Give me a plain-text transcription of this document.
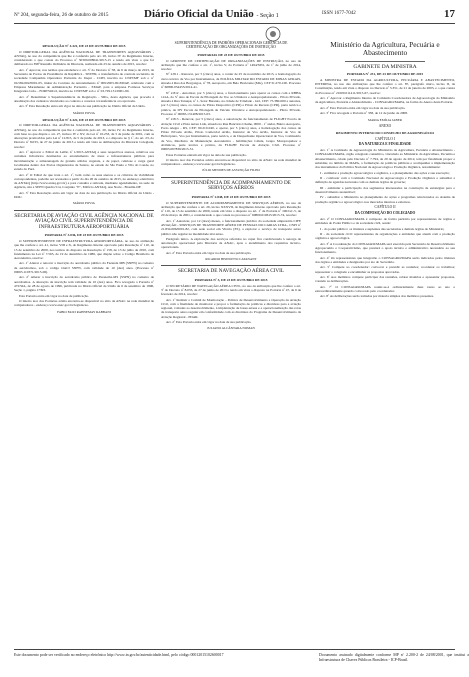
Nº 204, segunda-feira, 26 de outubro de 2015	Diário Oficial da União - Seção 1	ISSN 1677-7042	17

RESOLUÇÃO Nº 4.421, DE 23 DE OUTUBRO DE 2015

O DIRETOR-GERAL DA AGÊNCIA NACIONAL DE TRANSPORTES AQUAVIÁRIOS - ANTAQ, no uso da competência que lhe é conferida pelo art. 20, inciso IV do Regimento Interno, considerando o que consta do Processo nº 50300.008041/2015-15 e tendo em vista o que foi deliberado na 396ª Reunião Ordinária da Diretoria, realizada em 23 de outubro de 2015, resolve:

Art. 1º Aprovar, nos termos que estabelece o art. 3º do Decreto nº 58, de 6 de março de 2013, da Secretaria de Portos da Presidência da República - SEP/PR, a transferência de controle societário da sociedade Companhia Operadora Portuária do Itaqui - COPI, inscrita no CNPJ/MF sob o nº 04.584.002/0001-05, titular do Contrato de Arrendamento nº 009/2003-00-EMAP, celebrado com a Empresa Maranhense de Administração Portuária - EMAP, para a empresa Formosa Serviços Integrados Ltda. - FORTSOLO, inscrita no CNPJ/MF sob o nº 03.729.131/0001-90.

Art. 2º Determinar à Superintendência de Regulação - SRG, desta Agência, que proceda à atualização dos cadastros vinculados ao contrato e conexos à transferência ora aprovada.

Art. 3º Esta Resolução entra em vigor na data de sua publicação no Diário Oficial da União.

MÁRIO POVIA

RESOLUÇÃO Nº 4.422, DE 23 DE OUTUBRO DE 2015

O DIRETOR-GERAL DA AGÊNCIA NACIONAL DE TRANSPORTES AQUAVIÁRIOS - ANTAQ, no uso da competência que lhe é conferida pelo art. 20, inciso IV, do Regimento Interno, com base no que dispõe o art. 27, incisos IV e XV, da Lei nº 10.233, de 5 de junho de 2001, com as alterações promovidas pela Lei nº 12.815, de 5 de junho de 2013, e o disposto no § 1º, do art. 23, do Decreto nº 8.033, de 27 de junho de 2013 e tendo em vista as deliberações da Diretoria Colegiada, resolve:

Art. 1º Aprovar o Edital de Leilão nº 1/2015-ANTAQ e seus respectivos anexos, relativos aos certames licitatórios destinados ao arrendamento de áreas e infraestruturas públicas para movimentação e armazenagem de granéis sólidos vegetais, e de papel, celulose e carga geral localizadas dentro dos Portos Organizados de Santos, no estado de São Paulo e Vila do Conde, no estado do Pará.

Art. 2º O Edital de que trata o art. 1º, bem como os seus anexos e os critérios de viabilidade correspondentes, poderão ser acessados a partir do dia 26 de outubro de 2015, no endereço eletrônico da ANTAQ (http://www.antaq.gov.br) e para consulta e retirada, mediante agendamento, na sede da Agência, sita a SEPN Quadra 514, Conjunto "E", Edifício ANTAQ, Asa Norte - Brasília-DF.

Art. 3º Esta Resolução entra em vigor na data de sua publicação no Diário Oficial da União - DOU.

MÁRIO POVIA

SECRETARIA DE AVIAÇÃO CIVIL AGÊNCIA NACIONAL DE AVIAÇÃO CIVIL SUPERINTENDÊNCIA DE INFRAESTRUTURA AEROPORTUÁRIA

PORTARIA Nº 3.036, DE 23 DE OUTUBRO DE 2015

O SUPERINTENDENTE DE INFRAESTRUTURA AEROPORTUÁRIA, no uso da atribuição que lhe confere o art. 41, inciso VIII e X, do Regimento Interno aprovado pela Resolução nº 110, de 15 de setembro de 2009, nos termos do disposto na Resolução nº 158, de 13 de julho de 2010, com fundamento na Lei nº 7.565, de 19 de dezembro de 1986, que dispõe sobre o Código Brasileiro de Aeronáutica, resolve:

Art. 1º Alterar e renovar a inscrição do aeródromo público da Fazenda MB (SNFN) no cadastro de aeródromos, sob o código OACI SNFN, com validade de 10 (dez) anos. (Processo nº 00065.110371/2015-06).

Art. 2º Alterar a inscrição do aeródromo público de Paranaíba-MS (SSPN) no cadastro de aeródromos. A alteração da inscrição tem validade de 10 (dez) anos. Fica revogada a Portaria nº 472/SIA, de 28 de agosto de 1996, publicada no Diário Oficial da União de 6 de setembro de 1996, Seção 1, página 17393.

Esta Portaria entra em vigor na data de publicação.

O inteiro teor dos Portarias acima encontra-se disponível no sítio da ANAC na rede mundial de computadores - endereço www.anac.gov.br/legislacao.

FABIO FAIZI RAHNEMAY RABBANI

SUPERINTENDÊNCIA DE PADRÕES OPERACIONAIS GERÊNCIA DE CERTIFICAÇÃO DE ORGANIZAÇÕES DE INSTRUÇÃO

PORTARIAS DE 23 DE OUTUBRO DE 2015

O GERENTE DE CERTIFICAÇÃO DE ORGANIZAÇÕES DE INSTRUÇÃO, no uso da atribuição que lhe confere o art. 1º, inciso V, da Portaria nº 1494/SPO, de 1º de julho de 2014, resolve:

Nº 2.811 - Renovar, por 5 (cinco) anos, a contar de 25 de novembro de 2015, a homologação do curso teórico de Voo por Instrumentos, da POLÍCIA MILITAR DO ESTADO DE MINAS GERAIS, situada à Rua dos Borgongos, nº 78, Aeroporto, em Belo Horizonte (MG), CEP 31.270-100. Processo nº 60800.054455/2014-41.

Nº 2.812 - Autorizar, por 5 (cinco) anos, o funcionamento para operar os cursos com a RBHA 141A, do Sº Ano de Escola de Pilotagem de Voo ao Ultraleve e Autopropulsionado - Piloto Privado, situada à Rua Tatuapé, nº 1, Setor Batatais, na cidade de Trindade - GO, CEP: 75.380-000 e autoriza, por 5 (cinco) anos, os cursos de Piloto Desportivo (CPD) e Piloto de Recreio (CPR), parte teórica e prática, da DY Escola de Pilotagem de Veículo Ultraleve e Autopropulsionado - Piloto Privado. Processo nº 00065.131408/2015-03.

Nº 2.813 - Renovar, por 5 (cinco) anos, a autorização de funcionamento de FLIGHT Escola de Aviação Civil e Pista Aérea Ltda, situada na Rua Bancário Chame, 0000 - 1º andar, Bairro Aeroporto, Porto Alegre - RS, CEP: 90.210-040, e operar, por 5 (cinco) anos, a homologação dos cursos de Piloto Privado Avião, Piloto Comercial Avião, Instrutor de Voo Avião, Instrutor de Voo de Helicóptero, Voo por Instrumentos, parte teórica, e de Despachante Operacional de Voo, Comissário de Voo, Mecânico de Manutenção Aeronáutica - habilitações Célula, Grupo Motopropulsor e Aviônicos, parte teórica e prática, da FLIGHT Escola de Aviação Civil. Processo nº 00065.067839/2015-51.

Estas Portarias entram em vigor na data de sua publicação.

O inteiro teor das Portarias acima encontra-se disponível no sítio da ANAC na rede mundial de computadores - endereço www.anac.gov.br/legislacao.

JÚLIO MENDES DE ASSUNÇÃO FILHO

SUPERINTENDÊNCIA DE ACOMPANHAMENTO DE SERVIÇOS AÉREOS

PORTARIA Nº 2.848, DE 23 DE OUTUBRO DE 2015

O SUPERINTENDENTE DE ACOMPANHAMENTO DE SERVIÇOS AÉREOS, no uso da atribuição que lhe confere o art. 26, inciso XXXVII, do Regimento Interno aprovado pela Resolução nº 110, de 15 de setembro de 2009, tendo em vista o disposto no art. 1º da Portaria nº 190/GC-5, de 20 de março de 2001, e considerando o que consta no processo nº 60800.010615/2015-74, resolve:

Art. 1º Autorizar, por 12 (doze) meses, o funcionamento jurídico da sociedade empresária CIFE AVIAÇÃO - SERVIÇOS DE TRANSPORTE AÉREO DE PESSOAS DO CARIAS LTDA., CNPJ nº 21.834.006/0001-82, com sede social em Vitória (ES), a explorar o serviço de transporte aéreo público não regular na modalidade táxi aéreo.

Parágrafo único. A exploração dos serviços referidos no caput fica condicionada à outorga de autorização operacional pela Diretoria da ANAC, após o atendimento dos requisitos técnico-operacionais.

Art. 2º Esta Portaria entra em vigor na data de sua publicação.

RICARDO BISINOTTO CATANANT

SECRETARIA DE NAVEGAÇÃO AÉREA CIVIL

PORTARIA Nº 3, DE 23 DE OUTUBRO DE 2015

O SECRETÁRIO DE NAVEGAÇÃO AÉREA CIVIL, no uso da atribuição que lhe confere o art. 3º do Decreto nº 8.033, de 27 de junho de 2013 e tendo em vista o disposto na Portaria nº 47, de 6 de fevereiro de 2014, resolve:

Art. 1º Instituir o Comitê de Monitoração - Política de Desenvolvimento e Operação da Aviação Civil, com a finalidade de monitorar e propor a formulação de políticas e diretrizes para a aviação regional, voltadas ao desenvolvimento, à implantação de bases aéreas e a operacionalização das rotas de transporte aéreo regular em conformidade com as diretrizes do Programa de Desenvolvimento da Aviação Regional - PDAR.

Art. 2º Esta Portaria entra em vigor na data de sua publicação.

JULIANO ALCÂNTARA NOMAN

Ministério da Agricultura, Pecuária e Abastecimento
GABINETE DA MINISTRA

PORTARIA Nº 231, DE 23 DE OUTUBRO DE 2015

A MINISTRA DE ESTADO DA AGRICULTURA, PECUÁRIA E ABASTECIMENTO, INTERINA, no uso das atribuições que lhe confere o art. 87, parágrafo único, inciso II, da Constituição, tendo em vista o disposto no Decreto nº 5.351, de 21 de janeiro de 2005, e o que consta do Processo nº 21000.011411/2015-67, resolve:

Art. 1º Aprovar o Regimento Interno da Comissão Coordenadora de Agroecologia do Ministério da Agricultura, Pecuária e Abastecimento - CONSAGRO/MAPA, na forma do Anexo desta Portaria.

Art. 2º Esta Portaria entra em vigor na data de sua publicação.

Art. 3º Fica revogada a Portaria nº 338, de 12 de junho de 2008.

MARIA EMÍLIA JABER

ANEXO

REGIMENTO INTERNO DO CONSELHO DE AGRONEGÓCIO

CAPÍTULO I

DA NATUREZA E FINALIDADE

Art. 1º A Comissão de Agroecologia do Ministério da Agricultura, Pecuária e Abastecimento - CONSAGRO/MAPA, órgão colegiado consultivo, vinculado ao Ministério da Agricultura, Pecuária e Abastecimento, criado pelo Decreto nº 7.794, de 20 de agosto de 2012, tem por finalidade propor e subsidiar, no âmbito do MAPA, a formulação de políticas públicas e acompanhar a implementação dos instrumentos da Política Nacional de Agroecologia e Produção Orgânica, notadamente:

I - estimular a produção agroecológica e orgânica, e o planejamento das ações e sua execução;

II - colaborar com a Comissão Nacional de Agroecologia e Produção Orgânica e subsidiar a definição de agendas nacionais com os demais órgãos de governo;

III - estimular a participação dos segmentos interessados na construção de estratégias para o desenvolvimento sustentável;

IV - subsidiar o Ministério no planejamento de ações e programas relacionados ao sistema de produção orgânico e agroecológico nos mercados internos e externos.

CAPÍTULO II

DA COMPOSIÇÃO DO COLEGIADO

Art. 2º O CONSAGRO/MAPA é composto de forma paritária por representantes de órgãos e entidades do Poder Público e da sociedade civil, sendo:

I - do poder público: os titulares e suplentes das secretarias e demais órgãos do Ministério;

II - da sociedade civil: representantes de organizações e entidades que atuam com a produção orgânica e agroecológica.

Art. 3º A Coordenação do CONSAGRO/MAPA será exercida pela Secretaria de Desenvolvimento Agropecuário e Cooperativismo, que prestará o apoio técnico e administrativo necessário ao seu funcionamento.

Art. 4º Os representantes que integrarão o CONSAGRO/MAPA serão indicados pelos titulares dos órgãos e entidades e designados por ato do Secretário.

Art. 5º Compete ao coordenador: convocar e presidir as reuniões; coordenar os trabalhos; representar o colegiado e encaminhar as propostas aprovadas.

Art. 6º Aos membros compete participar das reuniões, relatar matérias e apresentar propostas, votando as deliberações.

Art. 7º O CONSAGRO/MAPA reunir-se-á ordinariamente duas vezes ao ano e extraordinariamente quando convocado pelo coordenador.

Art. 8º As deliberações serão tomadas por maioria simples dos membros presentes.

Este documento pode ser verificado no endereço eletrônico http://www.in.gov.br/autenticidade.html, pelo código 00012015102600017	Documento assinado digitalmente conforme MP nº 2.200-2 de 24/08/2001, que institui a Infraestrutura de Chaves Públicas Brasileira - ICP-Brasil.
